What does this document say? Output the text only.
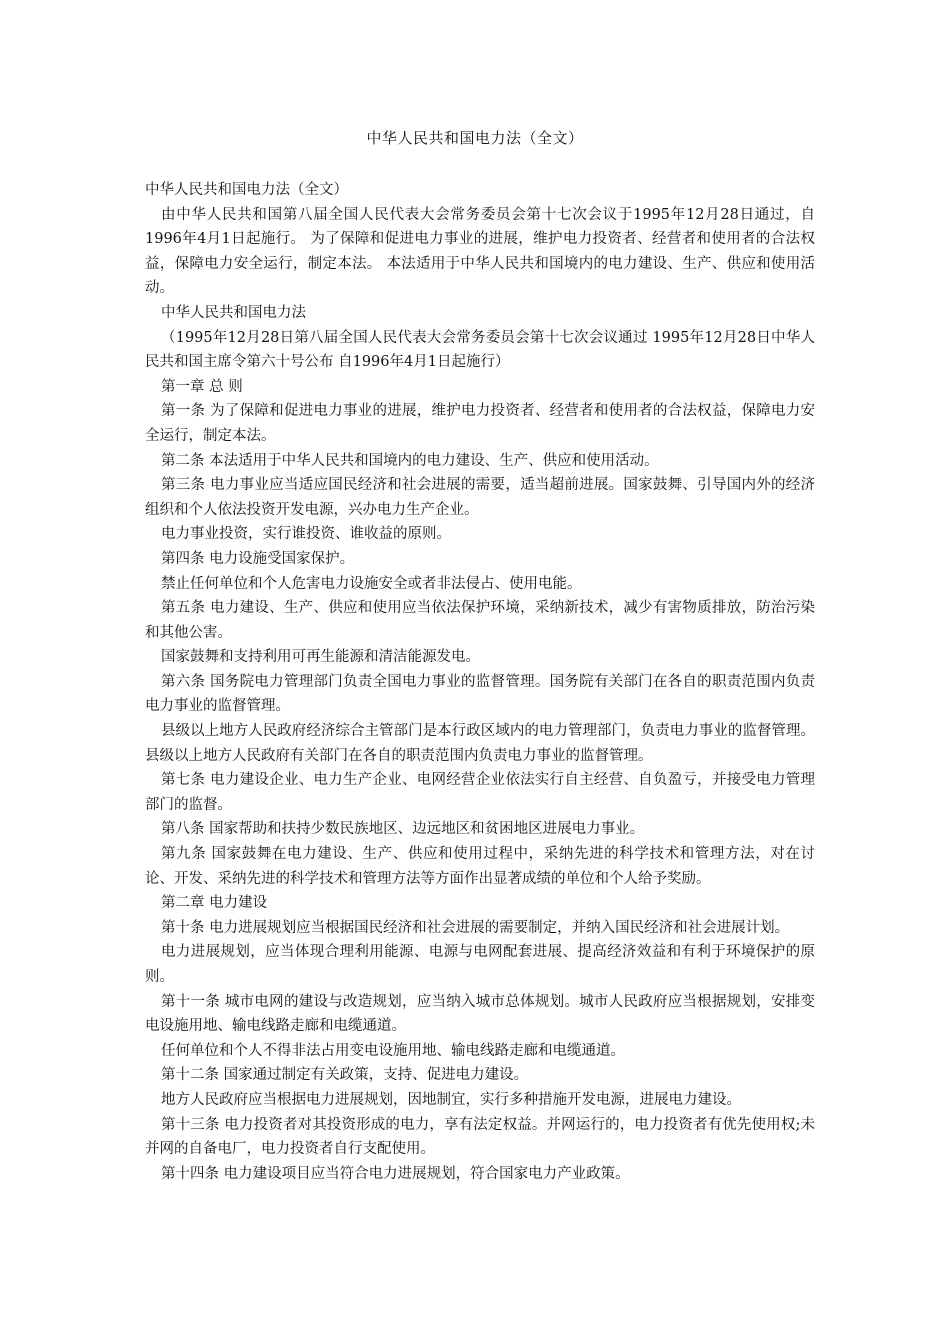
中华人民共和国电力法（全文）

中华人民共和国电力法（全文）

由中华人民共和国第八届全国人民代表大会常务委员会第十七次会议于1995年12月28日通过，自1996年4月1日起施行。 为了保障和促进电力事业的进展，维护电力投资者、经营者和使用者的合法权益，保障电力安全运行，制定本法。 本法适用于中华人民共和国境内的电力建设、生产、供应和使用活动。

中华人民共和国电力法

（1995年12月28日第八届全国人民代表大会常务委员会第十七次会议通过 1995年12月28日中华人民共和国主席令第六十号公布 自1996年4月1日起施行）

第一章 总 则

第一条 为了保障和促进电力事业的进展，维护电力投资者、经营者和使用者的合法权益，保障电力安全运行，制定本法。

第二条 本法适用于中华人民共和国境内的电力建设、生产、供应和使用活动。

第三条 电力事业应当适应国民经济和社会进展的需要，适当超前进展。国家鼓舞、引导国内外的经济组织和个人依法投资开发电源，兴办电力生产企业。

电力事业投资，实行谁投资、谁收益的原则。

第四条 电力设施受国家保护。

禁止任何单位和个人危害电力设施安全或者非法侵占、使用电能。

第五条 电力建设、生产、供应和使用应当依法保护环境，采纳新技术，减少有害物质排放，防治污染和其他公害。

国家鼓舞和支持利用可再生能源和清洁能源发电。

第六条 国务院电力管理部门负责全国电力事业的监督管理。国务院有关部门在各自的职责范围内负责电力事业的监督管理。

县级以上地方人民政府经济综合主管部门是本行政区域内的电力管理部门，负责电力事业的监督管理。县级以上地方人民政府有关部门在各自的职责范围内负责电力事业的监督管理。

第七条 电力建设企业、电力生产企业、电网经营企业依法实行自主经营、自负盈亏，并接受电力管理部门的监督。

第八条 国家帮助和扶持少数民族地区、边远地区和贫困地区进展电力事业。

第九条 国家鼓舞在电力建设、生产、供应和使用过程中，采纳先进的科学技术和管理方法，对在讨论、开发、采纳先进的科学技术和管理方法等方面作出显著成绩的单位和个人给予奖励。

第二章 电力建设

第十条 电力进展规划应当根据国民经济和社会进展的需要制定，并纳入国民经济和社会进展计划。

电力进展规划，应当体现合理利用能源、电源与电网配套进展、提高经济效益和有利于环境保护的原则。

第十一条 城市电网的建设与改造规划，应当纳入城市总体规划。城市人民政府应当根据规划，安排变电设施用地、输电线路走廊和电缆通道。

任何单位和个人不得非法占用变电设施用地、输电线路走廊和电缆通道。

第十二条 国家通过制定有关政策，支持、促进电力建设。

地方人民政府应当根据电力进展规划，因地制宜，实行多种措施开发电源，进展电力建设。

第十三条 电力投资者对其投资形成的电力，享有法定权益。并网运行的，电力投资者有优先使用权;未并网的自备电厂，电力投资者自行支配使用。

第十四条 电力建设项目应当符合电力进展规划，符合国家电力产业政策。
